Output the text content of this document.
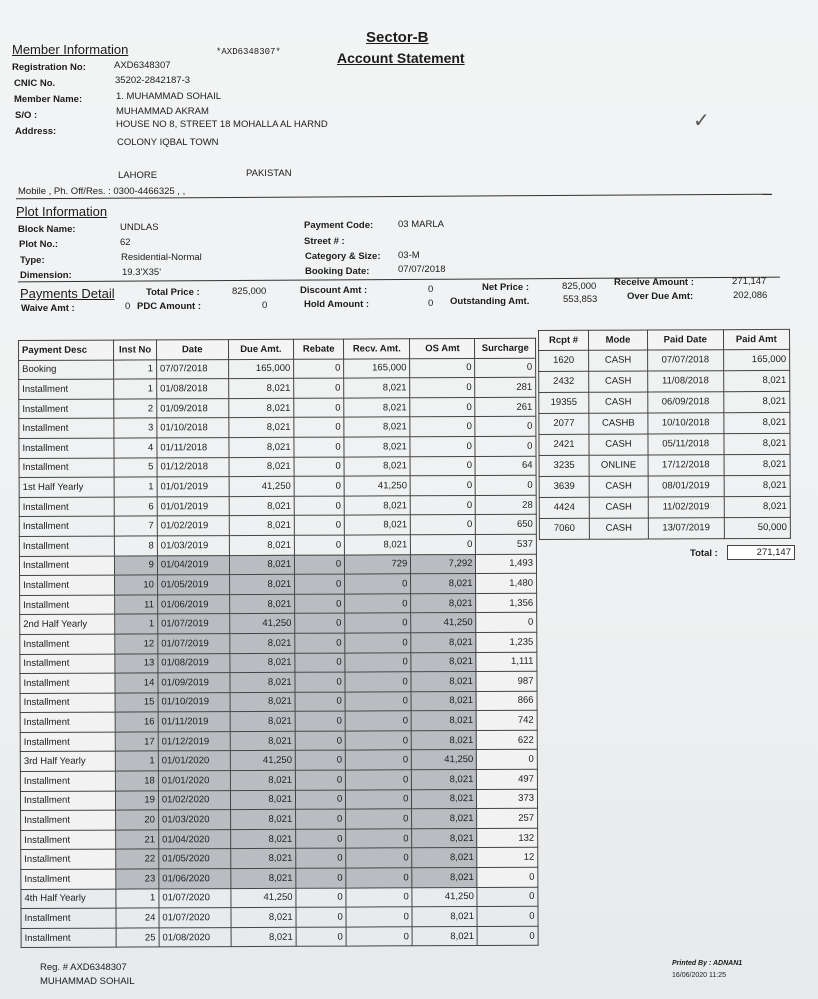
Sector-B
Account Statement
*AXD6348307*
✓
Member Information
Registration No:	AXD6348307
CNIC No.	35202-2842187-3
Member Name:	1. MUHAMMAD SOHAIL
S/O :	MUHAMMAD AKRAM
Address:
HOUSE NO 8, STREET 18 MOHALLA AL HARND
COLONY IQBAL TOWN
LAHORE	PAKISTAN
Mobile , Ph. Off/Res. : 0300-4466325 , ,
Plot Information
Block Name:	UNDLAS
Plot No.:	62
Type:	Residential-Normal
Dimension:	19.3'X35'
Payment Code:	03 MARLA
Street # :
Category & Size: 03-M
Booking Date:	07/07/2018
Payments Detail	Total Price :	825,000	Discount Amt :	0	Net Price :	825,000 Receive Amount :	271,147
Waive Amt :	0 PDC Amount :	0	Hold Amount :	0 Outstanding Amt.	553,853	Over Due Amt:	202,086
Payment Desc	Inst No	Date	Due Amt.	Rebate	Recv. Amt.	OS Amt	Surcharge
Booking	1	07/07/2018	165,000	0	165,000	0	0
Installment	1	01/08/2018	8,021	0	8,021	0	281
Installment	2	01/09/2018	8,021	0	8,021	0	261
Installment	3	01/10/2018	8,021	0	8,021	0	0
Installment	4	01/11/2018	8,021	0	8,021	0	0
Installment	5	01/12/2018	8,021	0	8,021	0	64
1st Half Yearly	1	01/01/2019	41,250	0	41,250	0	0
Installment	6	01/01/2019	8,021	0	8,021	0	28
Installment	7	01/02/2019	8,021	0	8,021	0	650
Installment	8	01/03/2019	8,021	0	8,021	0	537
Installment	9	01/04/2019	8,021	0	729	7,292	1,493
Installment	10	01/05/2019	8,021	0	0	8,021	1,480
Installment	11	01/06/2019	8,021	0	0	8,021	1,356
2nd Half Yearly	1	01/07/2019	41,250	0	0	41,250	0
Installment	12	01/07/2019	8,021	0	0	8,021	1,235
Installment	13	01/08/2019	8,021	0	0	8,021	1,111
Installment	14	01/09/2019	8,021	0	0	8,021	987
Installment	15	01/10/2019	8,021	0	0	8,021	866
Installment	16	01/11/2019	8,021	0	0	8,021	742
Installment	17	01/12/2019	8,021	0	0	8,021	622
3rd Half Yearly	1	01/01/2020	41,250	0	0	41,250	0
Installment	18	01/01/2020	8,021	0	0	8,021	497
Installment	19	01/02/2020	8,021	0	0	8,021	373
Installment	20	01/03/2020	8,021	0	0	8,021	257
Installment	21	01/04/2020	8,021	0	0	8,021	132
Installment	22	01/05/2020	8,021	0	0	8,021	12
Installment	23	01/06/2020	8,021	0	0	8,021	0
4th Half Yearly	1	01/07/2020	41,250	0	0	41,250	0
Installment	24	01/07/2020	8,021	0	0	8,021	0
Installment	25	01/08/2020	8,021	0	0	8,021	0
Rcpt #	Mode	Paid Date	Paid Amt
1620	CASH	07/07/2018	165,000
2432	CASH	11/08/2018	8,021
19355	CASH	06/09/2018	8,021
2077	CASHB	10/10/2018	8,021
2421	CASH	05/11/2018	8,021
3235	ONLINE	17/12/2018	8,021
3639	CASH	08/01/2019	8,021
4424	CASH	11/02/2019	8,021
7060	CASH	13/07/2019	50,000
Total :	271,147
Reg. # AXD6348307
MUHAMMAD SOHAIL
Printed By : ADNAN1
16/06/2020 11:25
